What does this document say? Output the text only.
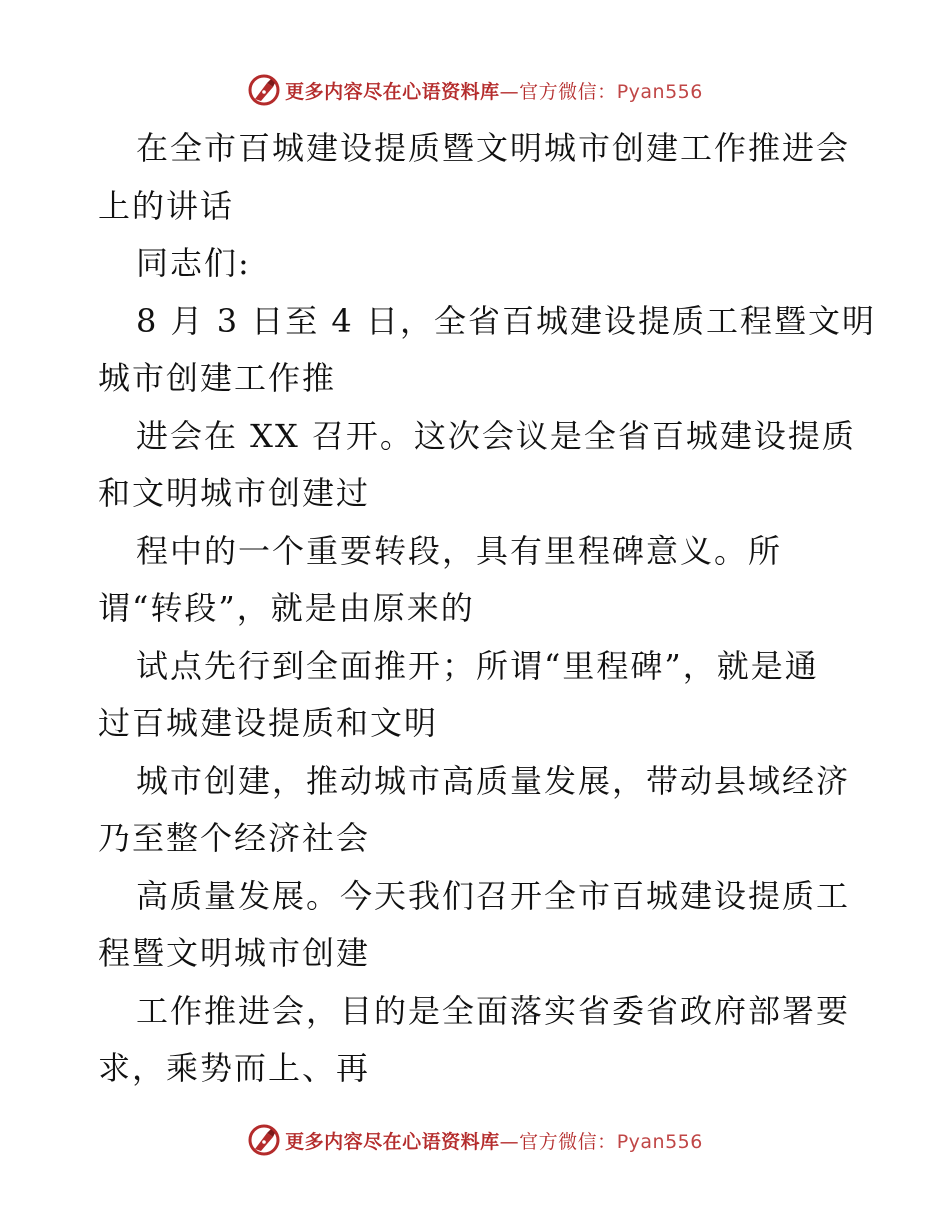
更多内容尽在心语资料库—官方微信：Pyan556
在全市百城建设提质暨文明城市创建工作推进会
上的讲话
同志们:
8 月 3 日至 4 日，全省百城建设提质工程暨文明
城市创建工作推
进会在 XX 召开。这次会议是全省百城建设提质
和文明城市创建过
程中的一个重要转段，具有里程碑意义。所
谓“转段”，就是由原来的
试点先行到全面推开；所谓“里程碑”，就是通
过百城建设提质和文明
城市创建，推动城市高质量发展，带动县域经济
乃至整个经济社会
高质量发展。今天我们召开全市百城建设提质工
程暨文明城市创建
工作推进会，目的是全面落实省委省政府部署要
求，乘势而上、再
更多内容尽在心语资料库—官方微信：Pyan556
